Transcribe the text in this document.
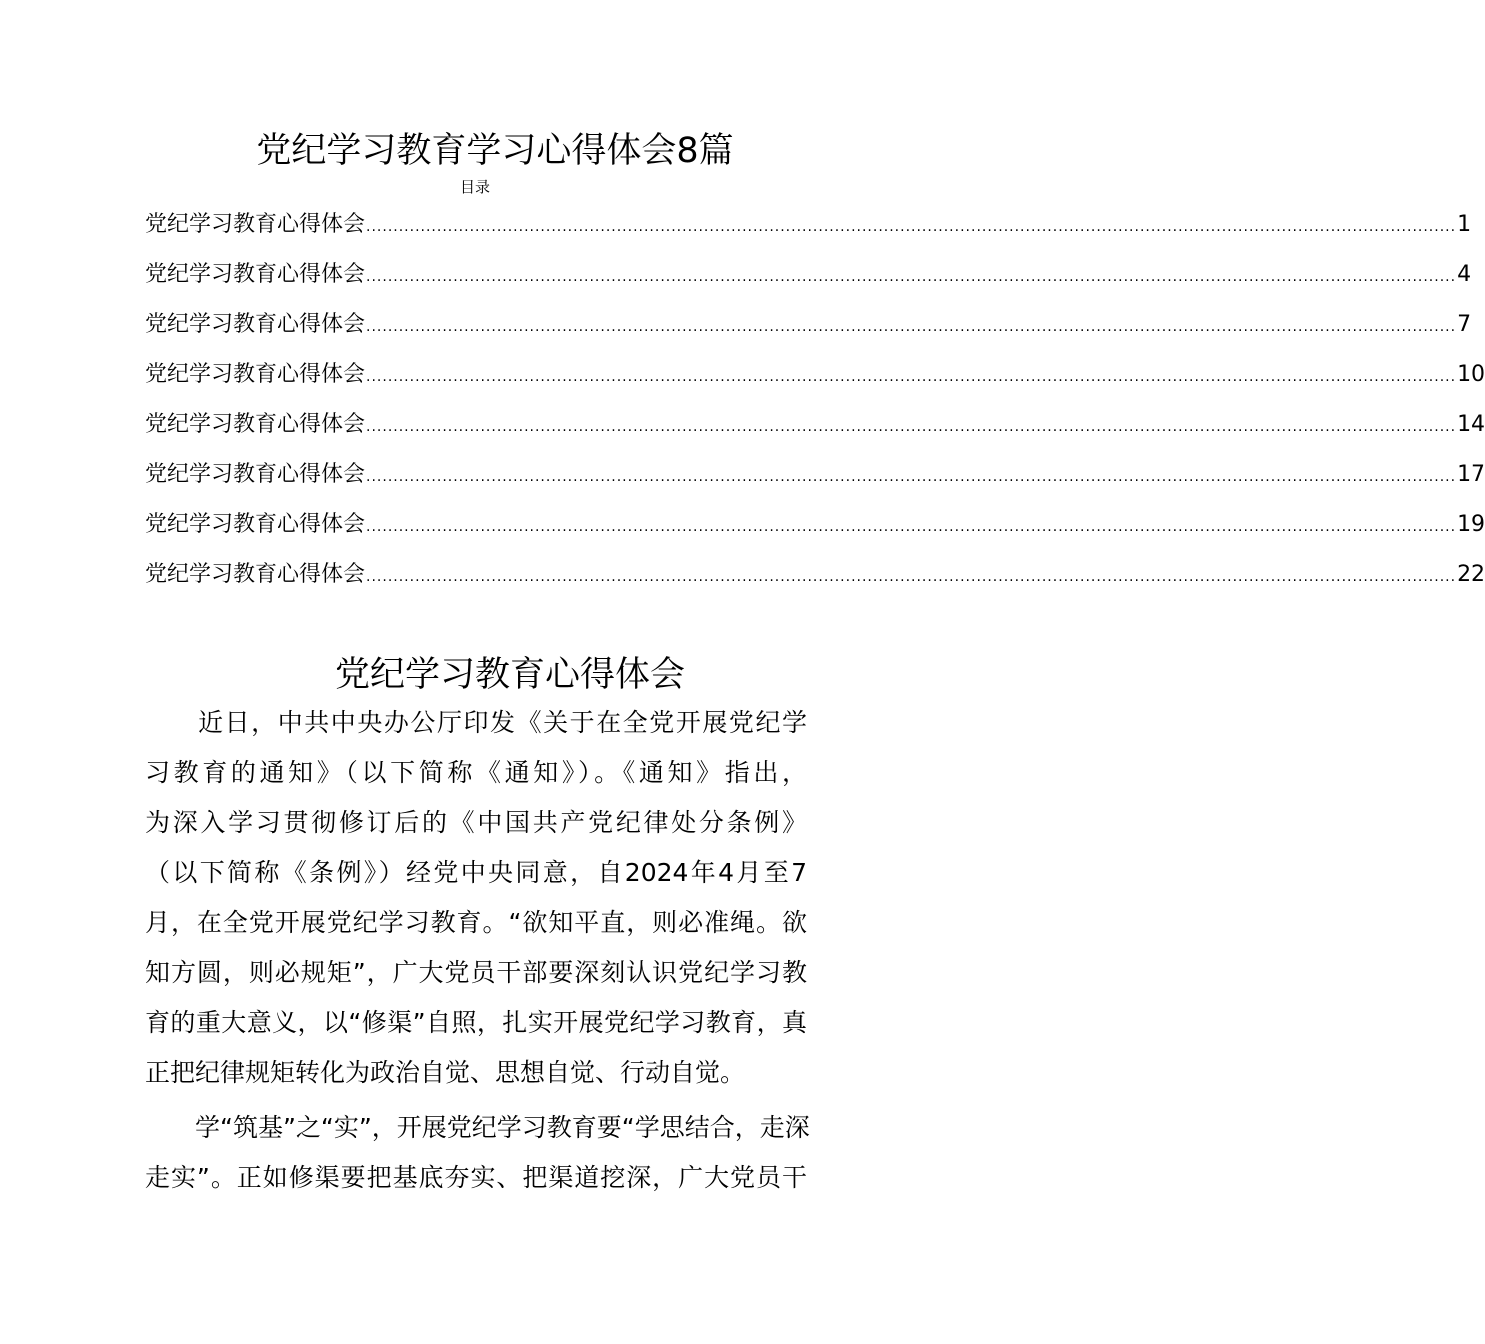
党纪学习教育学习心得体会8篇
目录
党纪学习教育心得体会 ........................................................................................................................................................................................................ 1
党纪学习教育心得体会 ........................................................................................................................................................................................................ 4
党纪学习教育心得体会 ........................................................................................................................................................................................................ 7
党纪学习教育心得体会 ........................................................................................................................................................................................................ 10
党纪学习教育心得体会 ........................................................................................................................................................................................................ 14
党纪学习教育心得体会 ........................................................................................................................................................................................................ 17
党纪学习教育心得体会 ........................................................................................................................................................................................................ 19
党纪学习教育心得体会 ........................................................................................................................................................................................................ 22
党纪学习教育心得体会
　　近日，中共中央办公厅印发《关于在全党开展党纪学
习教育的通知》（以下简称《通知》）。《通知》指出，
为深入学习贯彻修订后的《中国共产党纪律处分条例》
（以下简称《条例》）经党中央同意，自2024年4月至7
月，在全党开展党纪学习教育。“欲知平直，则必准绳。欲
知方圆，则必规矩”，广大党员干部要深刻认识党纪学习教
育的重大意义，以“修渠”自照，扎实开展党纪学习教育，真
正把纪律规矩转化为政治自觉、思想自觉、行动自觉。
　　学“筑基”之“实”，开展党纪学习教育要“学思结合，走深
走实”。正如修渠要把基底夯实、把渠道挖深，广大党员干
